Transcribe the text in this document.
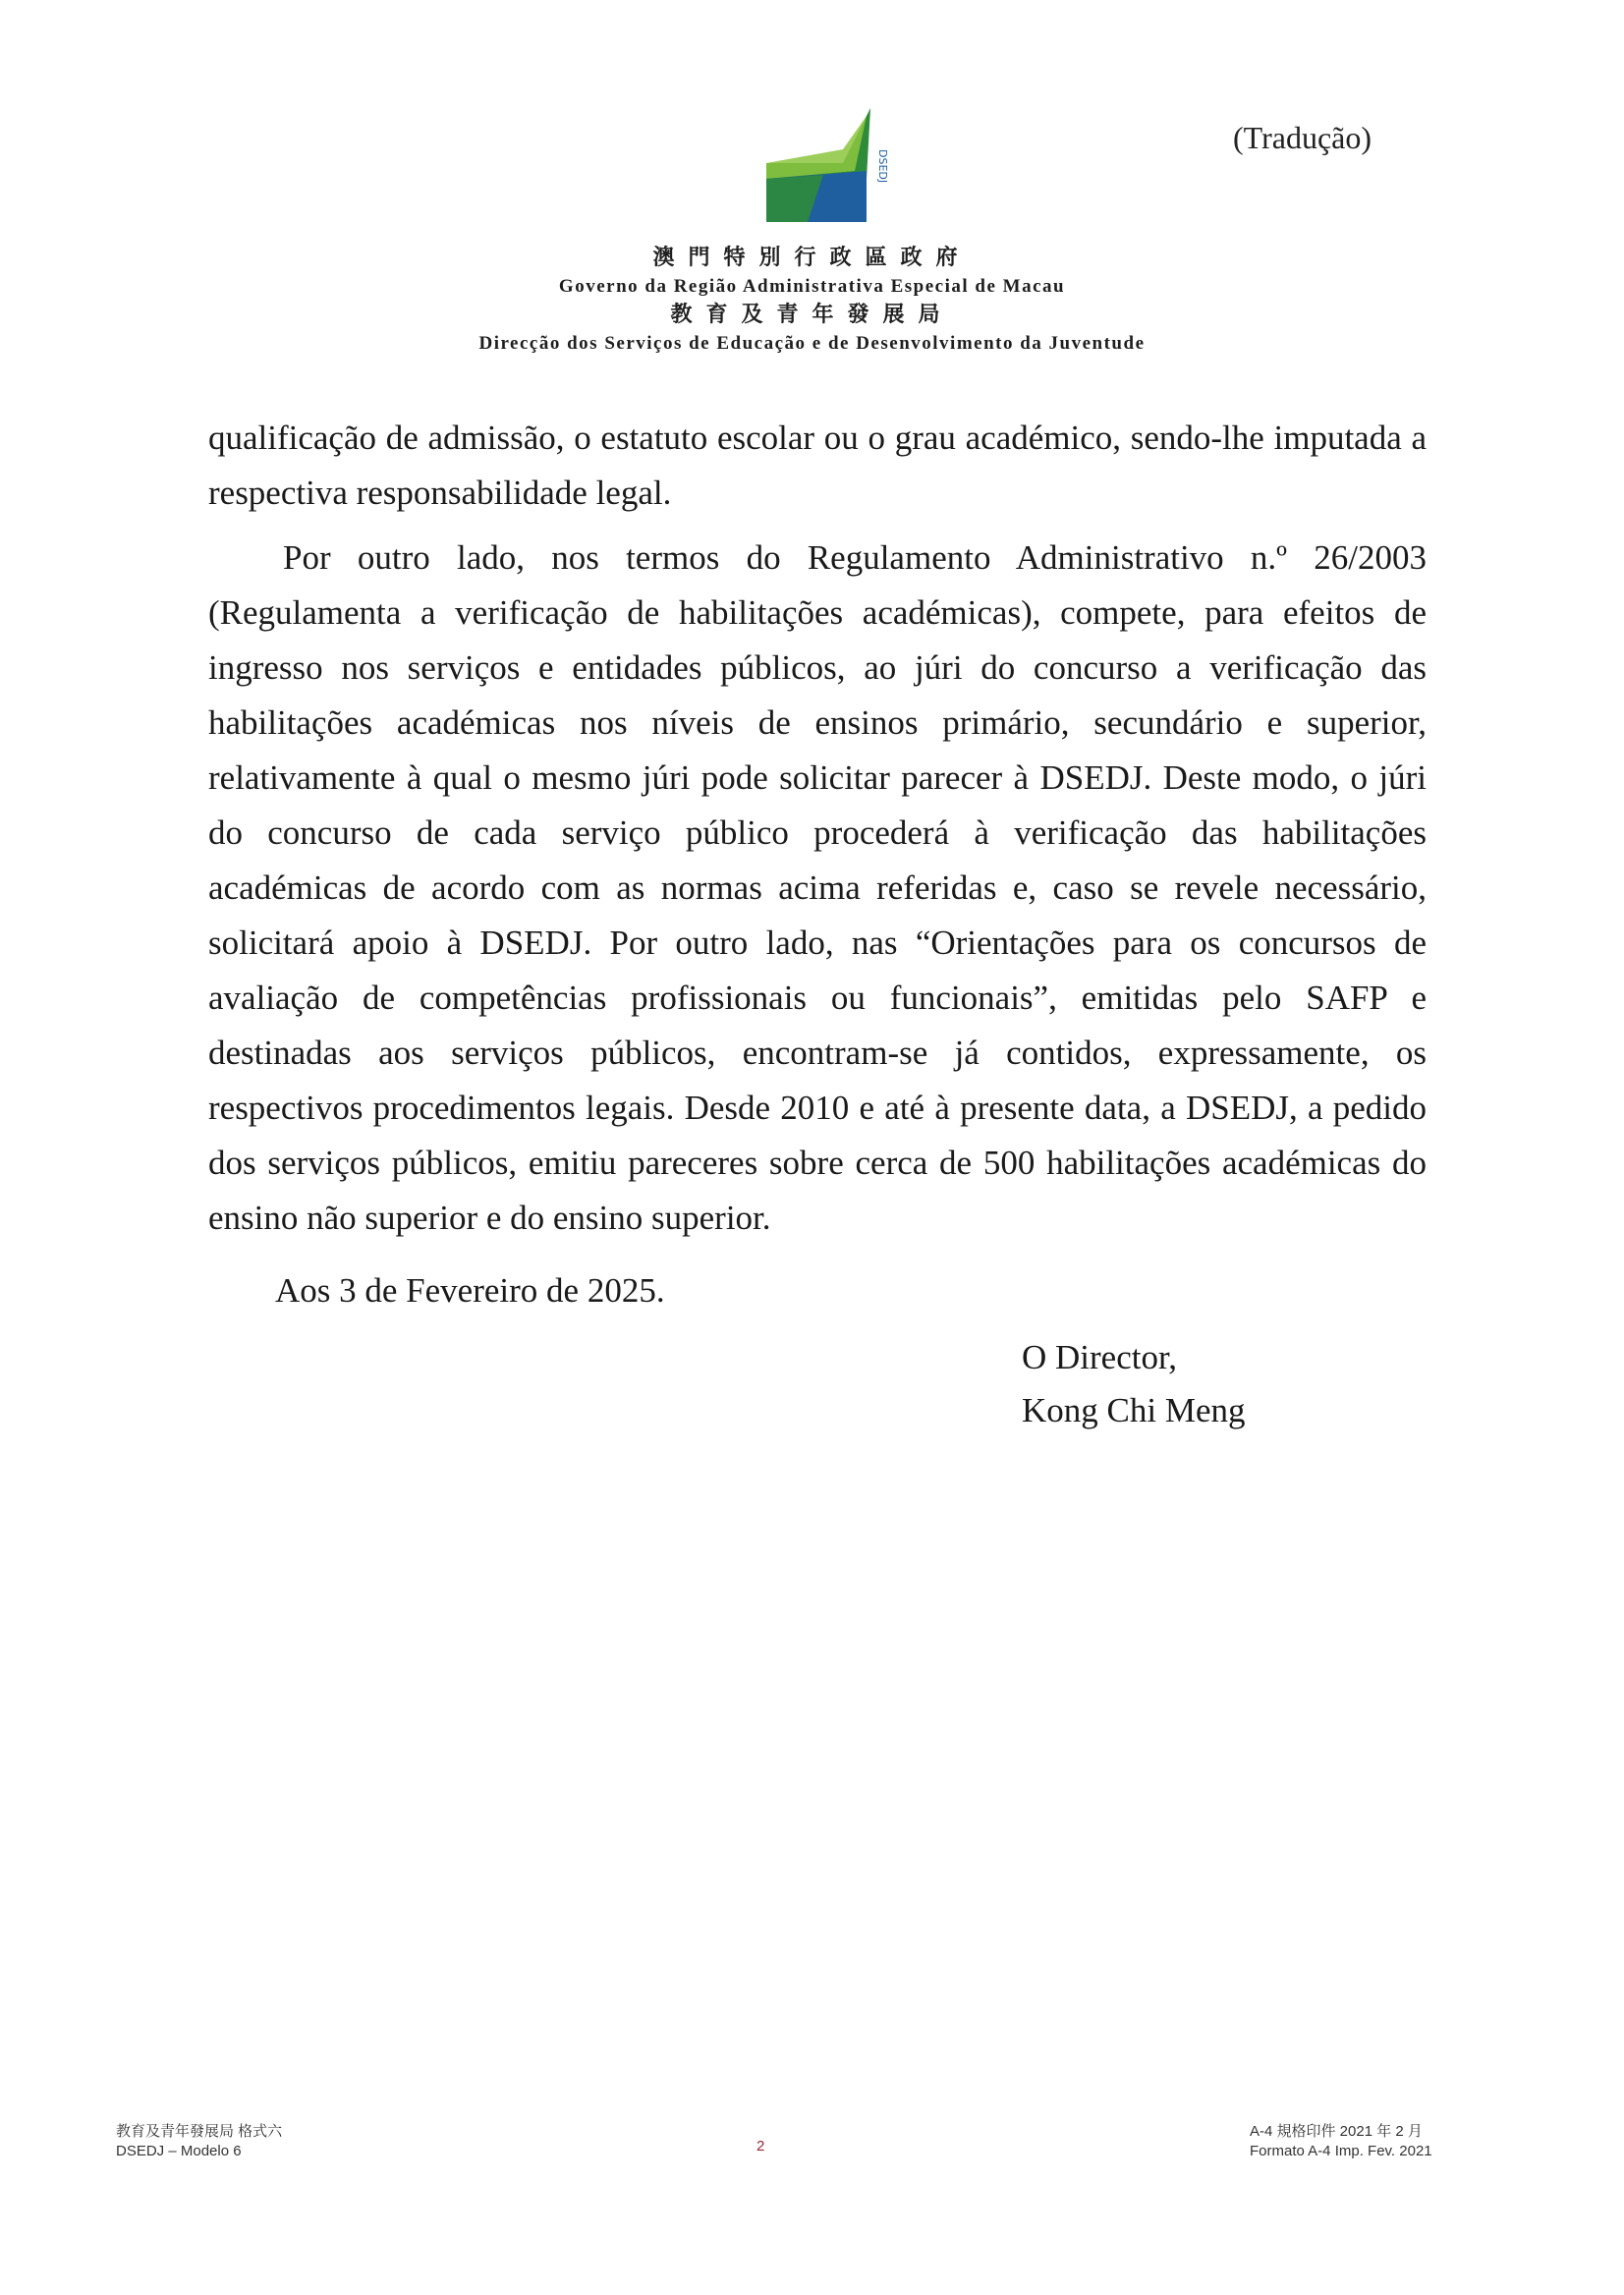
(Tradução)
DSEDJ
澳門特別行政區政府
Governo da Região Administrativa Especial de Macau
教育及青年發展局
Direcção dos Serviços de Educação e de Desenvolvimento da Juventude

qualificação de admissão, o estatuto escolar ou o grau académico, sendo-lhe imputada a respectiva responsabilidade legal.

Por outro lado, nos termos do Regulamento Administrativo n.º 26/2003 (Regulamenta a verificação de habilitações académicas), compete, para efeitos de ingresso nos serviços e entidades públicos, ao júri do concurso a verificação das habilitações académicas nos níveis de ensinos primário, secundário e superior, relativamente à qual o mesmo júri pode solicitar parecer à DSEDJ. Deste modo, o júri do concurso de cada serviço público procederá à verificação das habilitações académicas de acordo com as normas acima referidas e, caso se revele necessário, solicitará apoio à DSEDJ. Por outro lado, nas “Orientações para os concursos de avaliação de competências profissionais ou funcionais”, emitidas pelo SAFP e destinadas aos serviços públicos, encontram-se já contidos, expressamente, os respectivos procedimentos legais. Desde 2010 e até à presente data, a DSEDJ, a pedido dos serviços públicos, emitiu pareceres sobre cerca de 500 habilitações académicas do ensino não superior e do ensino superior.

Aos 3 de Fevereiro de 2025.
O Director,
Kong Chi Meng
教育及青年發展局 格式六
DSEDJ – Modelo 6	2
A-4 規格印件 2021 年 2 月
Formato A-4 Imp. Fev. 2021
